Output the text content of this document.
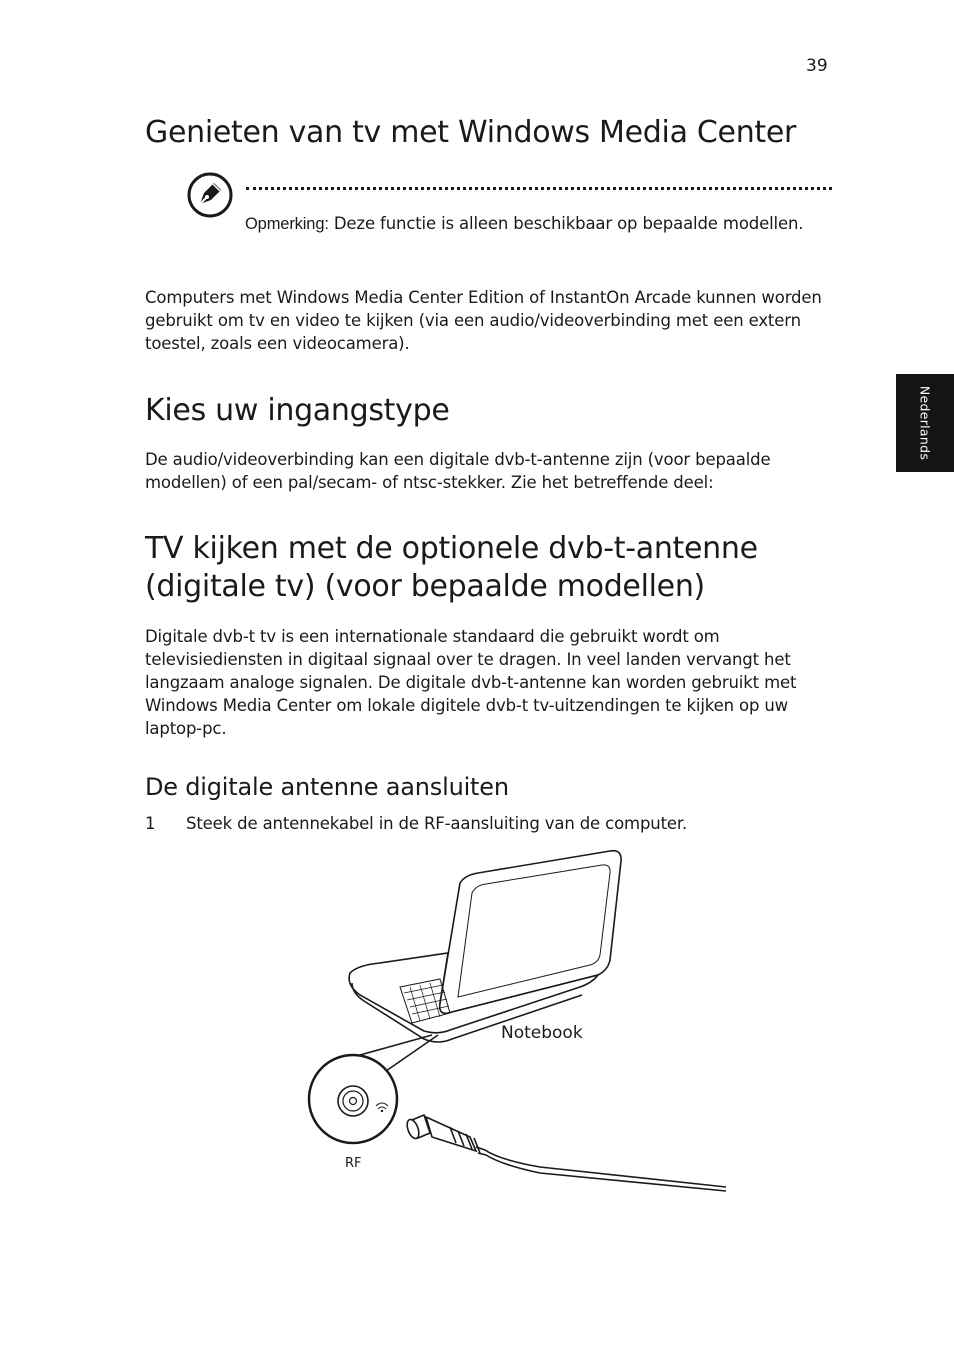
39
Nederlands
Genieten van tv met Windows Media Center
Opmerking: Deze functie is alleen beschikbaar op bepaalde modellen.

Computers met Windows Media Center Edition of InstantOn Arcade kunnen worden gebruikt om tv en video te kijken (via een audio/videoverbinding met een extern toestel, zoals een videocamera).

Kies uw ingangstype

De audio/videoverbinding kan een digitale dvb-t-antenne zijn (voor bepaalde modellen) of een pal/secam- of ntsc-stekker. Zie het betreffende deel:

TV kijken met de optionele dvb-t-antenne (digitale tv) (voor bepaalde modellen)

Digitale dvb-t tv is een internationale standaard die gebruikt wordt om televisiediensten in digitaal signaal over te dragen. In veel landen vervangt het langzaam analoge signalen. De digitale dvb-t-antenne kan worden gebruikt met Windows Media Center om lokale digitele dvb-t tv-uitzendingen te kijken op uw laptop-pc.

De digitale antenne aansluiten
1 Steek de antennekabel in de RF-aansluiting van de computer.
Notebook
RF
